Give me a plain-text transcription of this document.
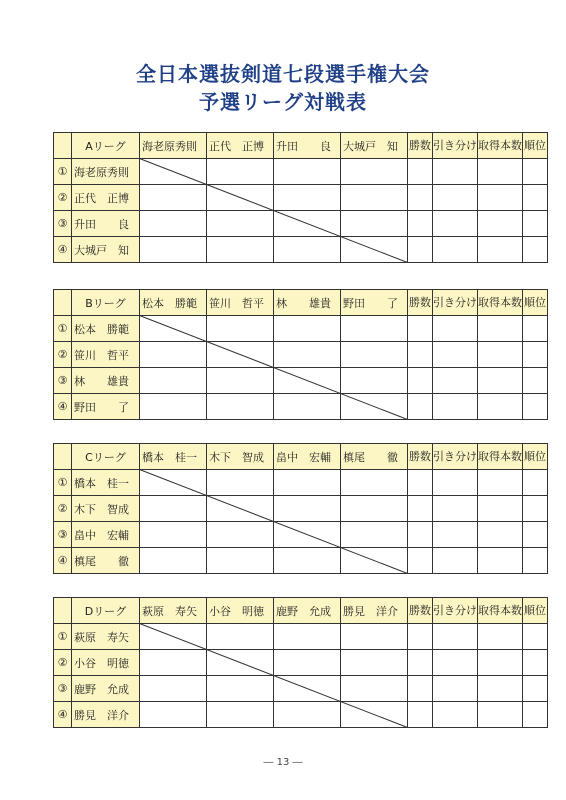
全日本選抜剣道七段選手権大会
予選リーグ対戦表
	Aリーグ	海老原秀則	正代　正博	升田　　良	大城戸　知	勝数	引き分け	取得本数	順位
①	海老原秀則								
②	正代　正博								
③	升田　　良								
④	大城戸　知								
	Bリーグ	松本　勝範	笹川　哲平	林　　雄貴	野田　　了	勝数	引き分け	取得本数	順位
①	松本　勝範								
②	笹川　哲平								
③	林　　雄貴								
④	野田　　了								
	Cリーグ	橋本　桂一	木下　智成	畠中　宏輔	槙尾　　徹	勝数	引き分け	取得本数	順位
①	橋本　桂一								
②	木下　智成								
③	畠中　宏輔								
④	槙尾　　徹								
	Dリーグ	萩原　寿矢	小谷　明徳	鹿野　允成	勝見　洋介	勝数	引き分け	取得本数	順位
①	萩原　寿矢								
②	小谷　明徳								
③	鹿野　允成								
④	勝見　洋介								
― 13 ―
